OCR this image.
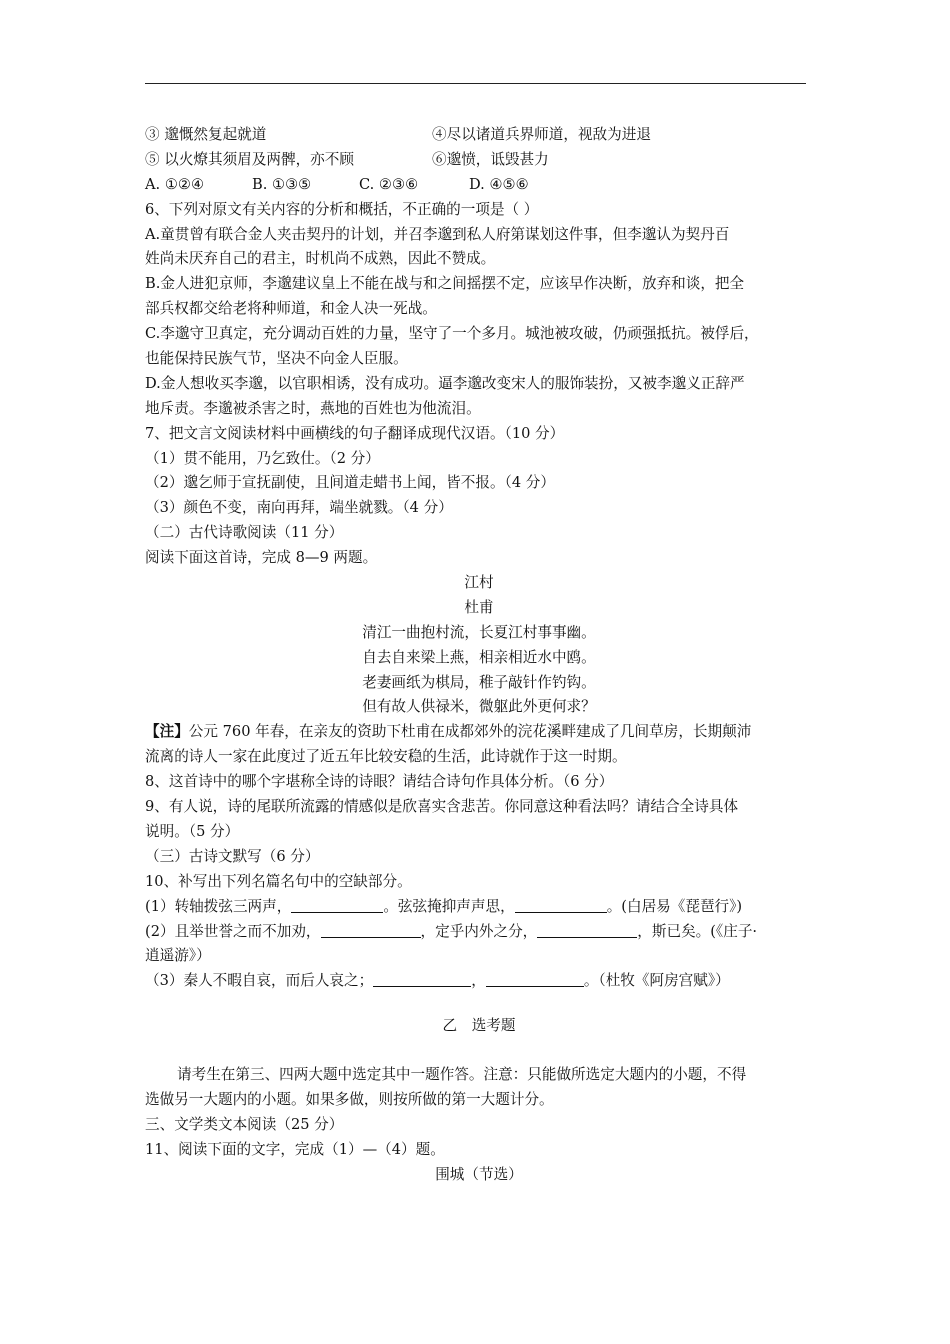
③ 邈慨然复起就道	④尽以诸道兵界师道，视敌为进退
⑤ 以火燎其须眉及两髀，亦不顾	⑥邈愤，诋毁甚力
A. ①②④	B. ①③⑤	C. ②③⑥	D. ④⑤⑥
6、下列对原文有关内容的分析和概括，不正确的一项是（ ）
A.童贯曾有联合金人夹击契丹的计划，并召李邈到私人府第谋划这件事，但李邈认为契丹百
姓尚未厌弃自己的君主，时机尚不成熟，因此不赞成。
B.金人进犯京师，李邈建议皇上不能在战与和之间摇摆不定，应该早作决断，放弃和谈，把全
部兵权都交给老将种师道，和金人决一死战。
C.李邈守卫真定，充分调动百姓的力量，坚守了一个多月。城池被攻破，仍顽强抵抗。被俘后，
也能保持民族气节，坚决不向金人臣服。
D.金人想收买李邈，以官职相诱，没有成功。逼李邈改变宋人的服饰装扮，又被李邈义正辞严
地斥责。李邈被杀害之时，燕地的百姓也为他流泪。
7、把文言文阅读材料中画横线的句子翻译成现代汉语。（10 分）
（1）贯不能用，乃乞致仕。（2 分）
（2）邈乞师于宣抚副使，且间道走蜡书上闻，皆不报。（4 分）
（3）颜色不变，南向再拜，端坐就戮。（4 分）
（二）古代诗歌阅读（11 分）
阅读下面这首诗，完成 8—9 两题。
江村
杜甫
清江一曲抱村流，长夏江村事事幽。
自去自来梁上燕，相亲相近水中鸥。
老妻画纸为棋局，稚子敲针作钓钩。
但有故人供禄米，微躯此外更何求？
【注】公元 760 年春，在亲友的资助下杜甫在成都郊外的浣花溪畔建成了几间草房，长期颠沛
流离的诗人一家在此度过了近五年比较安稳的生活，此诗就作于这一时期。
8、这首诗中的哪个字堪称全诗的诗眼？请结合诗句作具体分析。（6 分）
9、有人说，诗的尾联所流露的情感似是欣喜实含悲苦。你同意这种看法吗？请结合全诗具体
说明。（5 分）
（三）古诗文默写（6 分）
10、补写出下列名篇名句中的空缺部分。
(1）转轴拨弦三两声，	。弦弦掩抑声声思，	。(白居易《琵琶行》)
(2）且举世誉之而不加劝，	，定乎内外之分，	，斯已矣。(《庄子·
逍遥游》）
（3）秦人不暇自哀，而后人哀之；	，	。（杜牧《阿房宫赋》）
乙　选考题
请考生在第三、四两大题中选定其中一题作答。注意：只能做所选定大题内的小题，不得
选做另一大题内的小题。如果多做，则按所做的第一大题计分。
三、文学类文本阅读（25 分）
11、阅读下面的文字，完成（1）—（4）题。
围城（节选）
